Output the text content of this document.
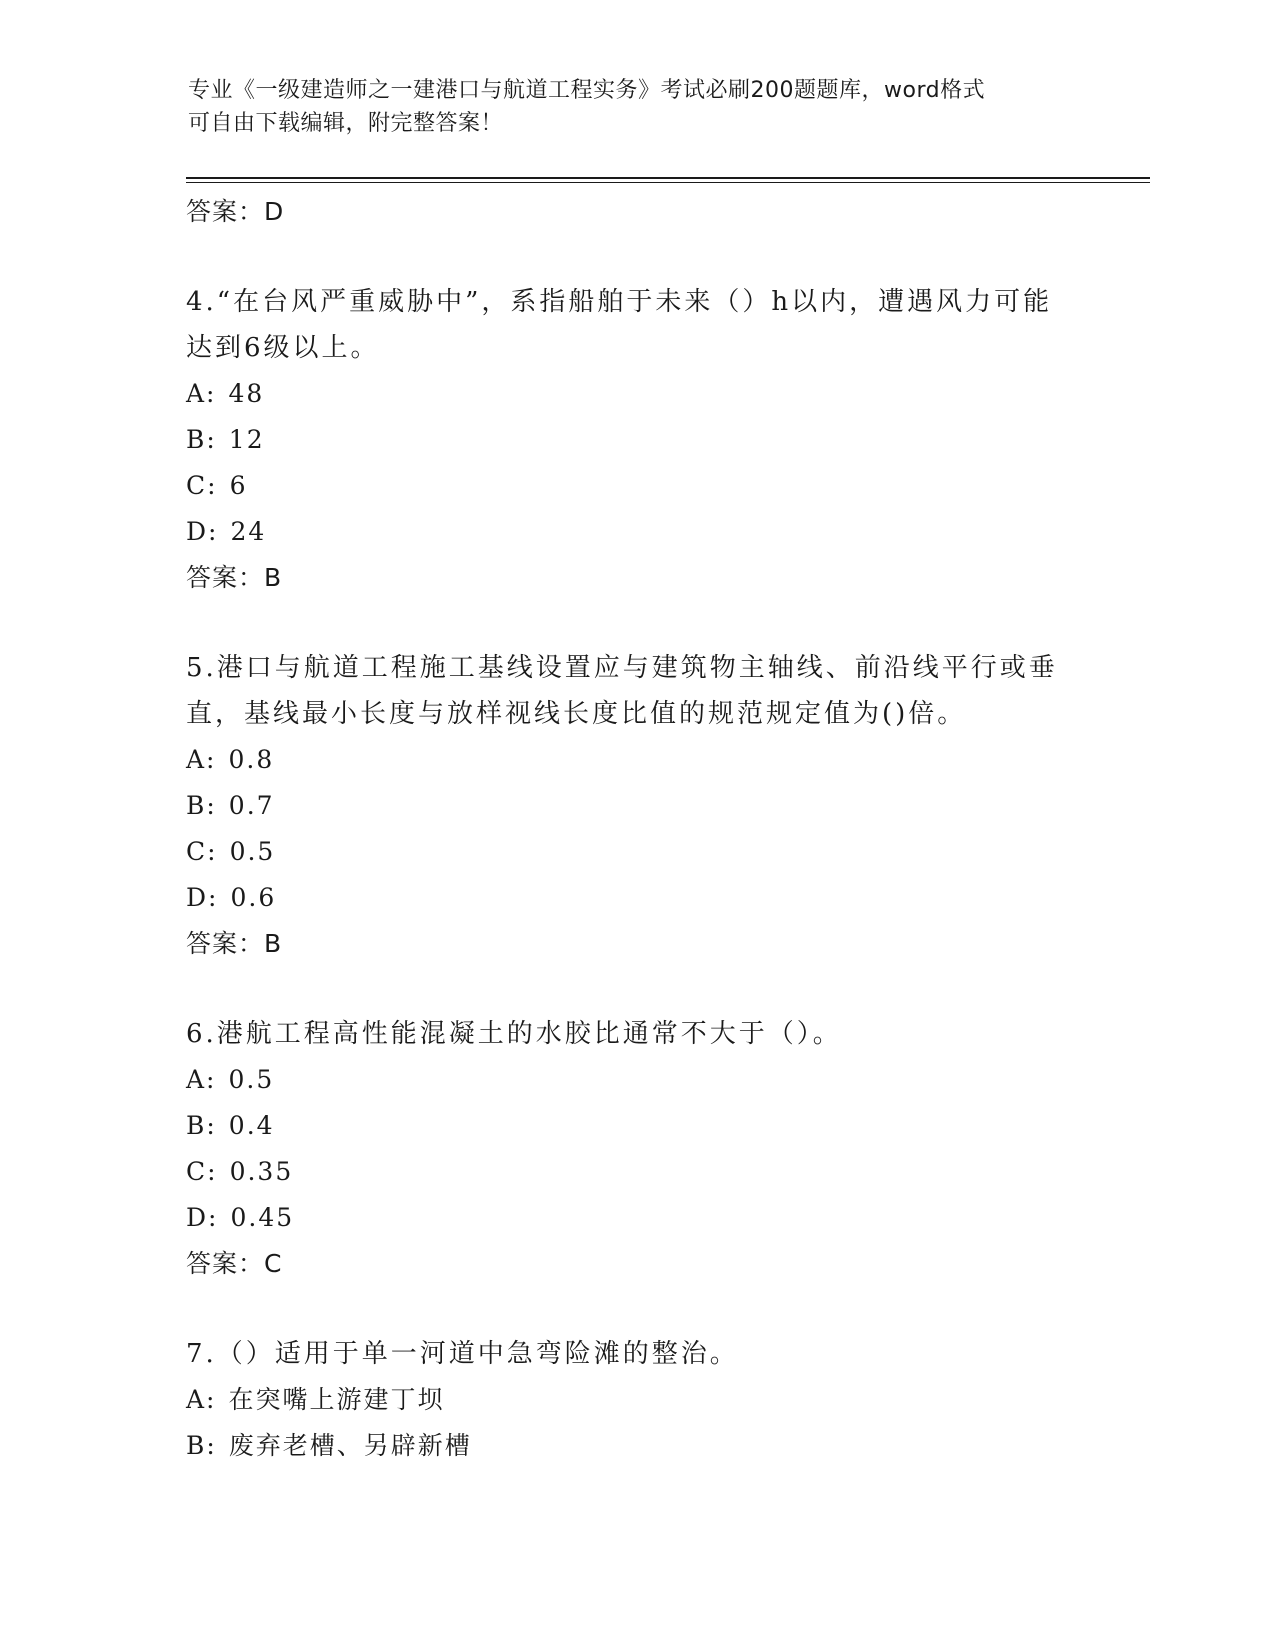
专业《一级建造师之一建港口与航道工程实务》考试必刷200题题库，word格式
可自由下载编辑，附完整答案！
答案：D
4.“在台风严重威胁中”，系指船舶于未来（）h以内，遭遇风力可能
达到6级以上。
A: 48
B: 12
C: 6
D: 24
答案：B
5.港口与航道工程施工基线设置应与建筑物主轴线、前沿线平行或垂
直，基线最小长度与放样视线长度比值的规范规定值为()倍。
A: 0.8
B: 0.7
C: 0.5
D: 0.6
答案：B
6.港航工程高性能混凝土的水胶比通常不大于（）。
A: 0.5
B: 0.4
C: 0.35
D: 0.45
答案：C
7.（）适用于单一河道中急弯险滩的整治。
A: 在突嘴上游建丁坝
B: 废弃老槽、另辟新槽
